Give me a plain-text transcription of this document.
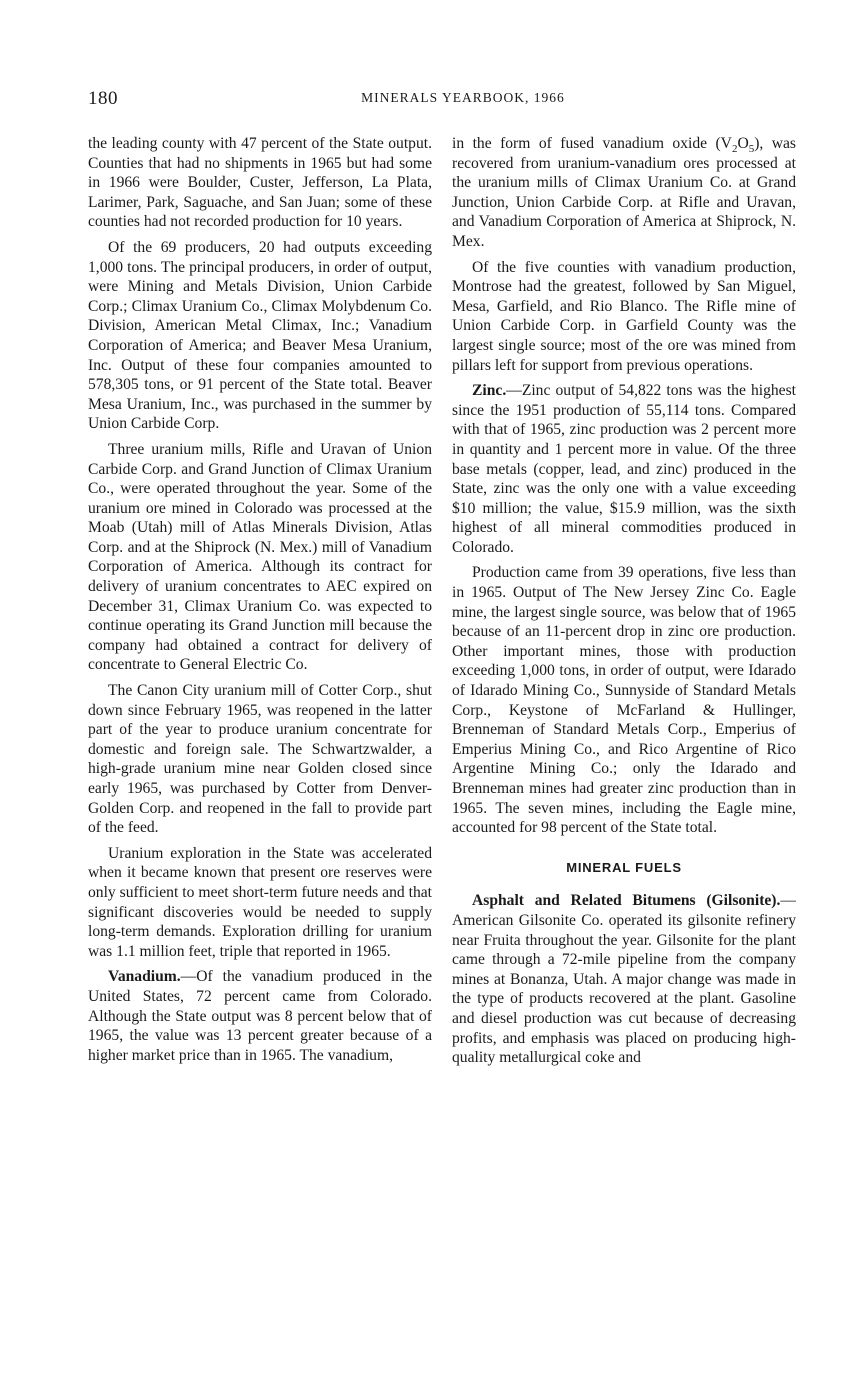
180	MINERALS YEARBOOK, 1966

the leading county with 47 percent of the State output. Counties that had no shipments in 1965 but had some in 1966 were Boulder, Custer, Jefferson, La Plata, Larimer, Park, Saguache, and San Juan; some of these counties had not recorded production for 10 years.

Of the 69 producers, 20 had outputs exceeding 1,000 tons. The principal producers, in order of output, were Mining and Metals Division, Union Carbide Corp.; Climax Uranium Co., Climax Molybdenum Co. Division, American Metal Climax, Inc.; Vanadium Corporation of America; and Beaver Mesa Uranium, Inc. Output of these four companies amounted to 578,305 tons, or 91 percent of the State total. Beaver Mesa Uranium, Inc., was purchased in the summer by Union Carbide Corp.

Three uranium mills, Rifle and Uravan of Union Carbide Corp. and Grand Junction of Climax Uranium Co., were operated throughout the year. Some of the uranium ore mined in Colorado was processed at the Moab (Utah) mill of Atlas Minerals Division, Atlas Corp. and at the Shiprock (N. Mex.) mill of Vanadium Corporation of America. Although its contract for delivery of uranium concentrates to AEC expired on December 31, Climax Uranium Co. was expected to continue operating its Grand Junction mill because the company had obtained a contract for delivery of concentrate to General Electric Co.

The Canon City uranium mill of Cotter Corp., shut down since February 1965, was reopened in the latter part of the year to produce uranium concentrate for domestic and foreign sale. The Schwartzwalder, a high-grade uranium mine near Golden closed since early 1965, was purchased by Cotter from Denver-Golden Corp. and reopened in the fall to provide part of the feed.

Uranium exploration in the State was accelerated when it became known that present ore reserves were only sufficient to meet short-term future needs and that significant discoveries would be needed to supply long-term demands. Exploration drilling for uranium was 1.1 million feet, triple that reported in 1965.

Vanadium.—Of the vanadium produced in the United States, 72 percent came from Colorado. Although the State output was 8 percent below that of 1965, the value was 13 percent greater because of a higher market price than in 1965. The vanadium,

in the form of fused vanadium oxide $(V_2O_5)$, was recovered from uranium-vanadium ores processed at the uranium mills of Climax Uranium Co. at Grand Junction, Union Carbide Corp. at Rifle and Uravan, and Vanadium Corporation of America at Shiprock, N. Mex.

Of the five counties with vanadium production, Montrose had the greatest, followed by San Miguel, Mesa, Garfield, and Rio Blanco. The Rifle mine of Union Carbide Corp. in Garfield County was the largest single source; most of the ore was mined from pillars left for support from previous operations.

Zinc.—Zinc output of 54,822 tons was the highest since the 1951 production of 55,114 tons. Compared with that of 1965, zinc production was 2 percent more in quantity and 1 percent more in value. Of the three base metals (copper, lead, and zinc) produced in the State, zinc was the only one with a value exceeding $10 million; the value, $15.9 million, was the sixth highest of all mineral commodities produced in Colorado.

Production came from 39 operations, five less than in 1965. Output of The New Jersey Zinc Co. Eagle mine, the largest single source, was below that of 1965 because of an 11-percent drop in zinc ore production. Other important mines, those with production exceeding 1,000 tons, in order of output, were Idarado of Idarado Mining Co., Sunnyside of Standard Metals Corp., Keystone of McFarland & Hullinger, Brenneman of Standard Metals Corp., Emperius of Emperius Mining Co., and Rico Argentine of Rico Argentine Mining Co.; only the Idarado and Brenneman mines had greater zinc production than in 1965. The seven mines, including the Eagle mine, accounted for 98 percent of the State total.

MINERAL FUELS

Asphalt and Related Bitumens (Gilsonite).—American Gilsonite Co. operated its gilsonite refinery near Fruita throughout the year. Gilsonite for the plant came through a 72-mile pipeline from the company mines at Bonanza, Utah. A major change was made in the type of products recovered at the plant. Gasoline and diesel production was cut because of decreasing profits, and emphasis was placed on producing high-quality metallurgical coke and
